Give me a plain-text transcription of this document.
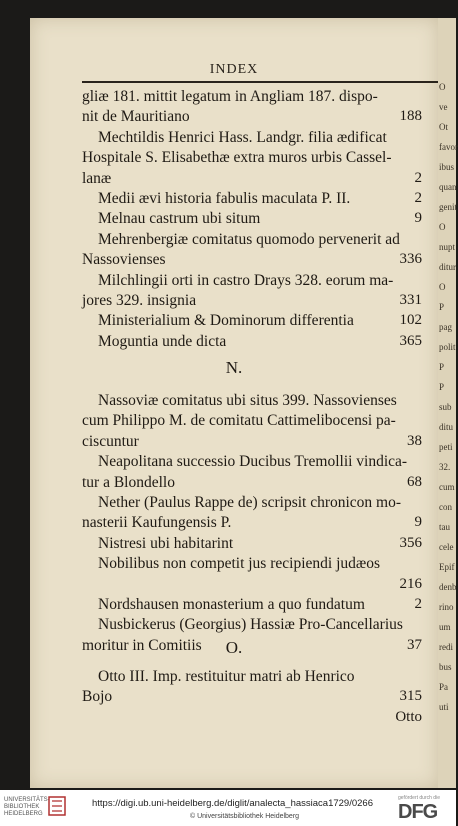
INDEX
gliæ 181. mittit legatum in Angliam 187. dispo-
nit de Mauritiano	188
Mechtildis Henrici Hass. Landgr. filia ædificat
Hospitale S. Elisabethæ extra muros urbis Cassel-
lanæ	2
Medii ævi historia fabulis maculata P. II.	2
Melnau castrum ubi situm	9
Mehrenbergiæ comitatus quomodo pervenerit ad
Nassovienses	336
Milchlingii orti in castro Drays 328. eorum ma-
jores 329. insignia	331
Ministerialium & Dominorum differentia	102
Moguntia unde dicta	365
N.
Nassoviæ comitatus ubi situs 399. Nassovienses
cum Philippo M. de comitatu Cattimelibocensi pa-
ciscuntur	38
Neapolitana successio Ducibus Tremollii vindica-
tur a Blondello	68
Nether (Paulus Rappe de) scripsit chronicon mo-
nasterii Kaufungensis P.	9
Nistresi ubi habitarint	356
Nobilibus non competit jus recipiendi judæos
216
Nordshausen monasterium a quo fundatum	2
Nusbickerus (Georgius) Hassiæ Pro-Cancellarius
moritur in Comitiis	37
O.
Otto III. Imp. restituitur matri ab Henrico
Bojo	315
Otto
O
ve
Ot
favor
ibus
quan
genit
O
nupt
ditur
O
P
pag
polit
P
P
sub
ditu
peti
32.
cum
con
tau
cele
Epif
denb
rino
um
redi
bus
Pa
uti
UNIVERSITÄTS-
BIBLIOTHEK
HEIDELBERG
https://digi.ub.uni-heidelberg.de/diglit/analecta_hassiaca1729/0266
© Universitätsbibliothek Heidelberg
gefördert durch die
DFG
